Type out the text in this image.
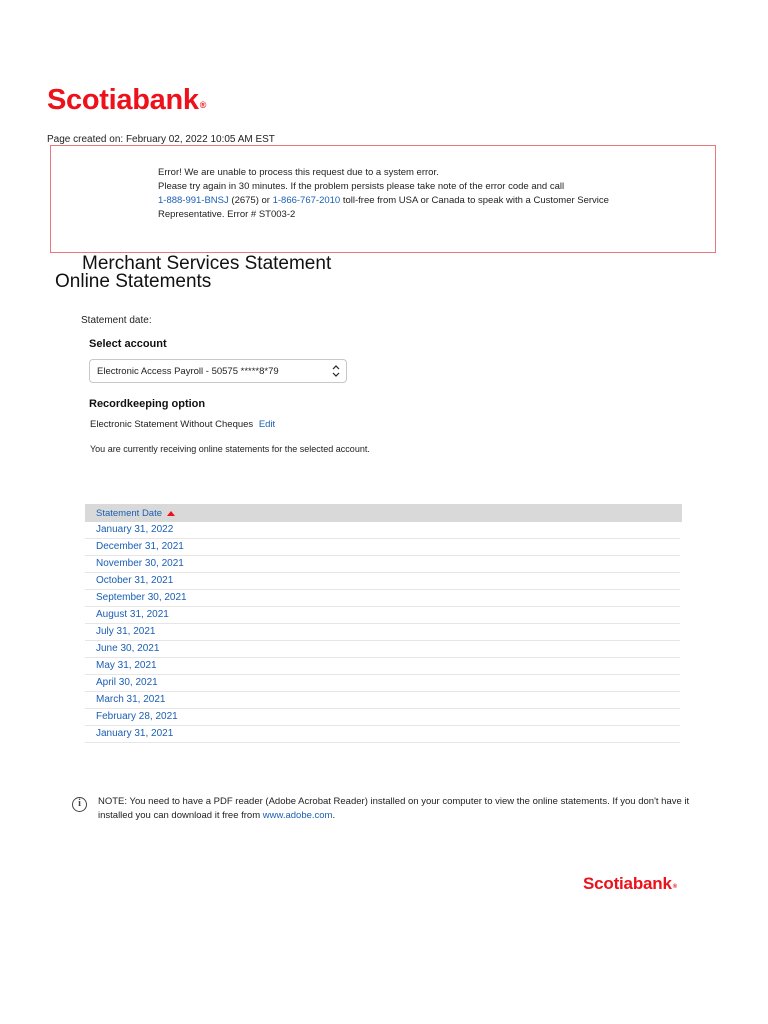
Scotiabank®
Page created on: February 02, 2022 10:05 AM EST
Error! We are unable to process this request due to a system error.
Please try again in 30 minutes. If the problem persists please take note of the error code and call
1-888-991-BNSJ (2675) or 1-866-767-2010 toll-free from USA or Canada to speak with a Customer Service
Representative. Error # ST003-2
Merchant Services Statement
Online Statements
Statement date:
Select account
Electronic Access Payroll - 50575 *****8*79
Recordkeeping option
Electronic Statement Without Cheques Edit
You are currently receiving online statements for the selected account.
Statement Date
January 31, 2022
December 31, 2021
November 30, 2021
October 31, 2021
September 30, 2021
August 31, 2021
July 31, 2021
June 30, 2021
May 31, 2021
April 30, 2021
March 31, 2021
February 28, 2021
January 31, 2021
i	NOTE: You need to have a PDF reader (Adobe Acrobat Reader) installed on your computer to view the online statements. If you don't have it installed you can download it free from www.adobe.com.
Scotiabank®
